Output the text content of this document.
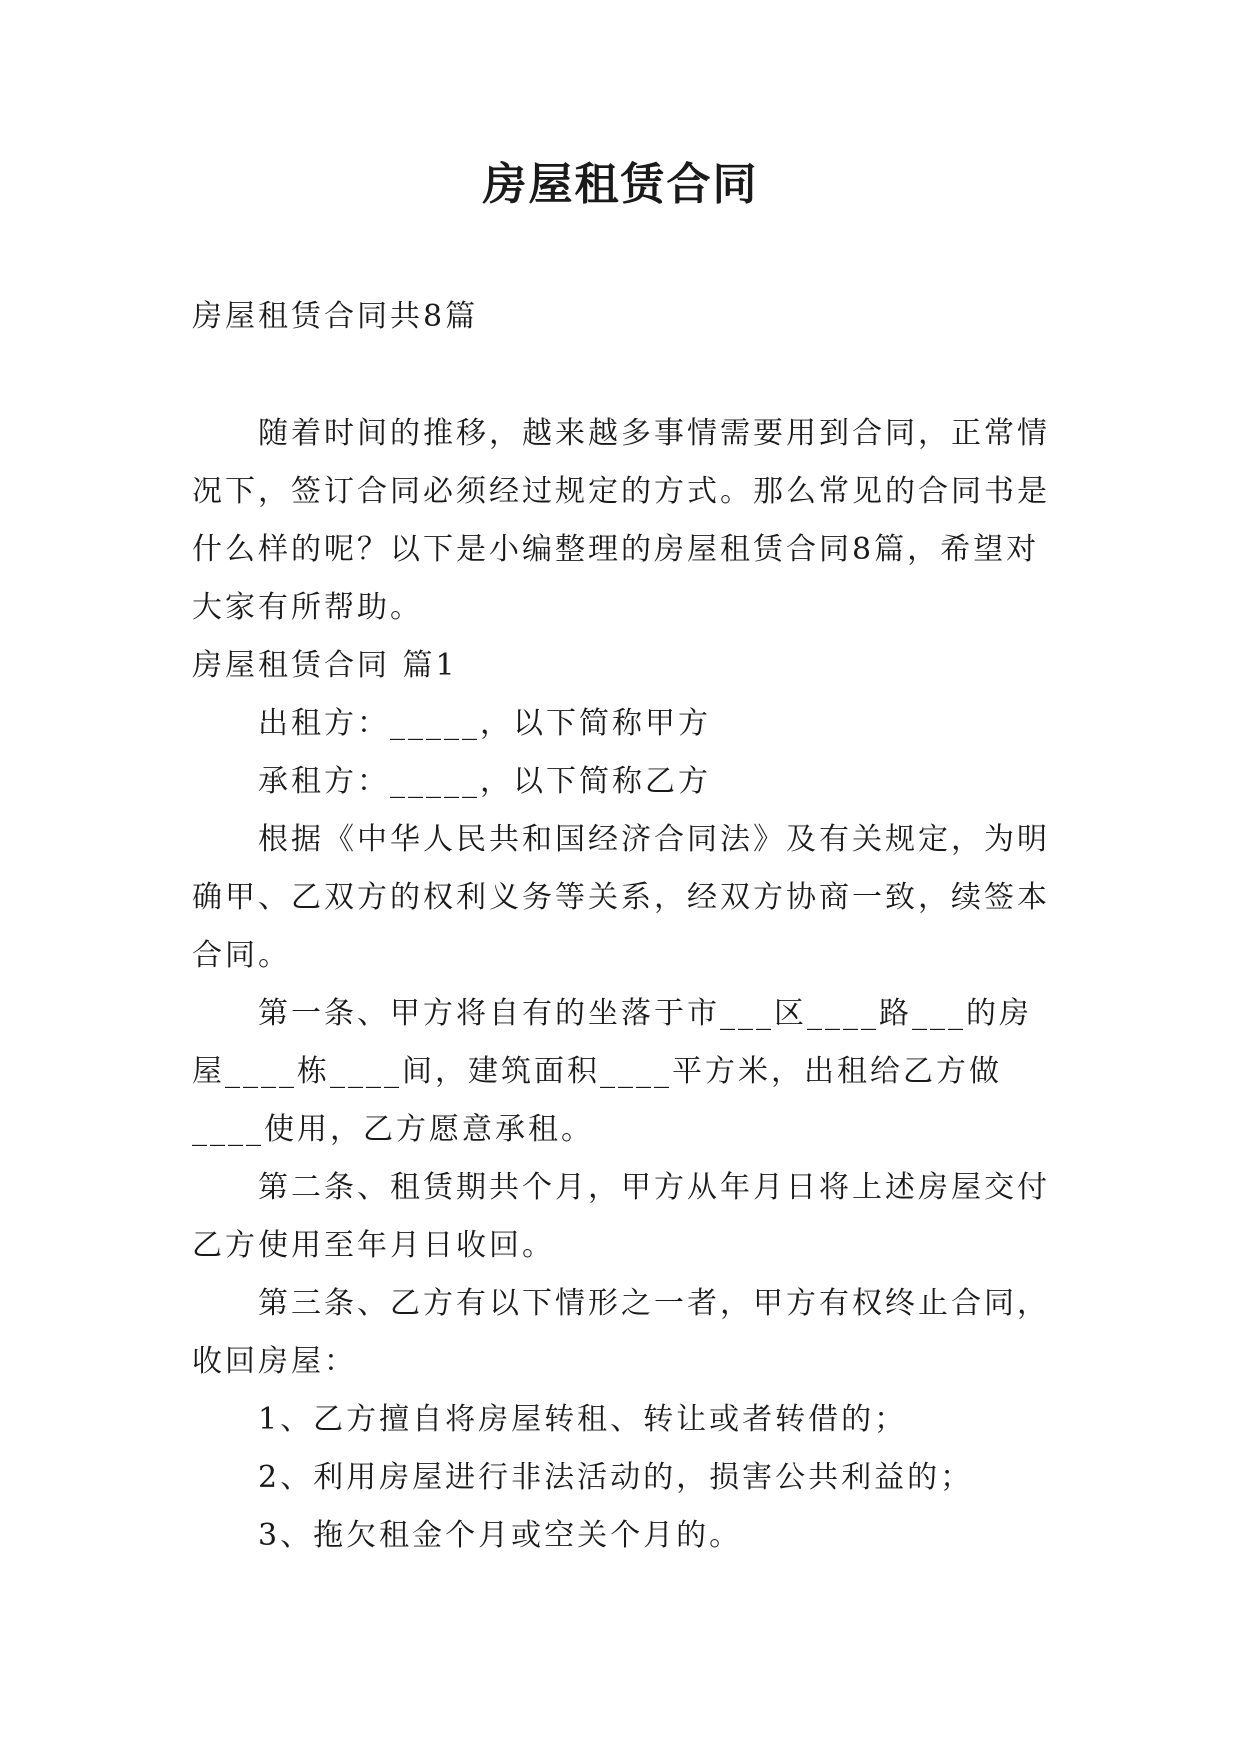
房屋租赁合同
房屋租赁合同共8篇

随着时间的推移，越来越多事情需要用到合同，正常情况下，签订合同必须经过规定的方式。那么常见的合同书是什么样的呢？以下是小编整理的房屋租赁合同8篇，希望对大家有所帮助。

房屋租赁合同 篇1

出租方：_____，以下简称甲方

承租方：_____，以下简称乙方

根据《中华人民共和国经济合同法》及有关规定，为明确甲、乙双方的权利义务等关系，经双方协商一致，续签本合同。

第一条、甲方将自有的坐落于市___区____路___的房屋____栋____间，建筑面积____平方米，出租给乙方做____使用，乙方愿意承租。

第二条、租赁期共个月，甲方从年月日将上述房屋交付乙方使用至年月日收回。

第三条、乙方有以下情形之一者，甲方有权终止合同，收回房屋：

1、乙方擅自将房屋转租、转让或者转借的；

2、利用房屋进行非法活动的，损害公共利益的；

3、拖欠租金个月或空关个月的。
